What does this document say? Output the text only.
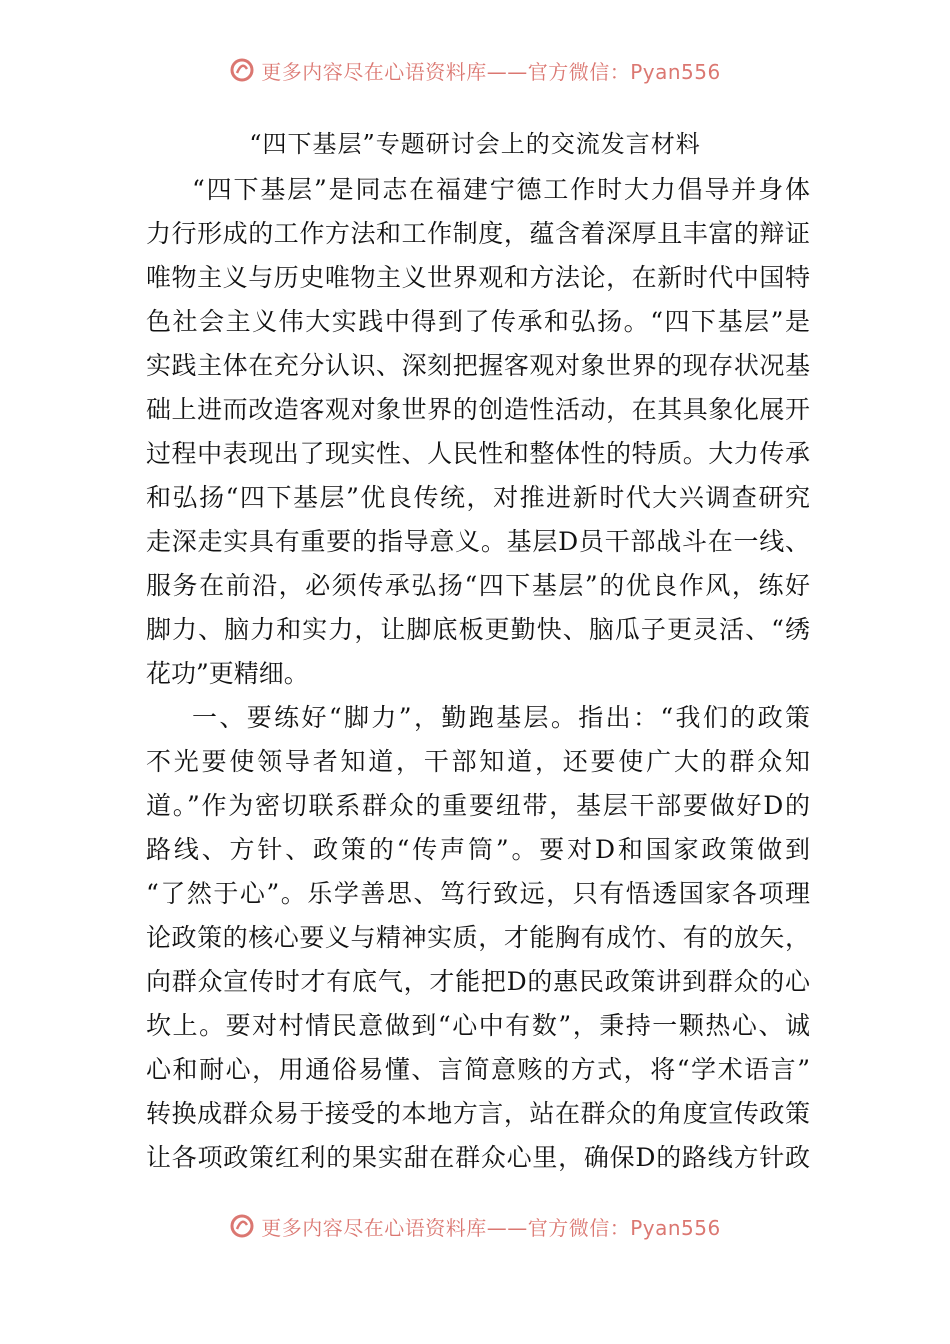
更多内容尽在心语资料库——官方微信：Pyan556
“四下基层”专题研讨会上的交流发言材料
“四下基层”是同志在福建宁德工作时大力倡导并身体
力行形成的工作方法和工作制度，蕴含着深厚且丰富的辩证
唯物主义与历史唯物主义世界观和方法论，在新时代中国特
色社会主义伟大实践中得到了传承和弘扬。“四下基层”是
实践主体在充分认识、深刻把握客观对象世界的现存状况基
础上进而改造客观对象世界的创造性活动，在其具象化展开
过程中表现出了现实性、人民性和整体性的特质。大力传承
和弘扬“四下基层”优良传统，对推进新时代大兴调查研究
走深走实具有重要的指导意义。基层D员干部战斗在一线、
服务在前沿，必须传承弘扬“四下基层”的优良作风，练好
脚力、脑力和实力，让脚底板更勤快、脑瓜子更灵活、“绣
花功”更精细。
一、要练好“脚力”，勤跑基层。指出：“我们的政策
不光要使领导者知道，干部知道，还要使广大的群众知
道。”作为密切联系群众的重要纽带，基层干部要做好D的
路线、方针、政策的“传声筒”。要对D和国家政策做到
“了然于心”。乐学善思、笃行致远，只有悟透国家各项理
论政策的核心要义与精神实质，才能胸有成竹、有的放矢，
向群众宣传时才有底气，才能把D的惠民政策讲到群众的心
坎上。要对村情民意做到“心中有数”，秉持一颗热心、诚
心和耐心，用通俗易懂、言简意赅的方式，将“学术语言”
转换成群众易于接受的本地方言，站在群众的角度宣传政策
让各项政策红利的果实甜在群众心里，确保D的路线方针政
更多内容尽在心语资料库——官方微信：Pyan556
